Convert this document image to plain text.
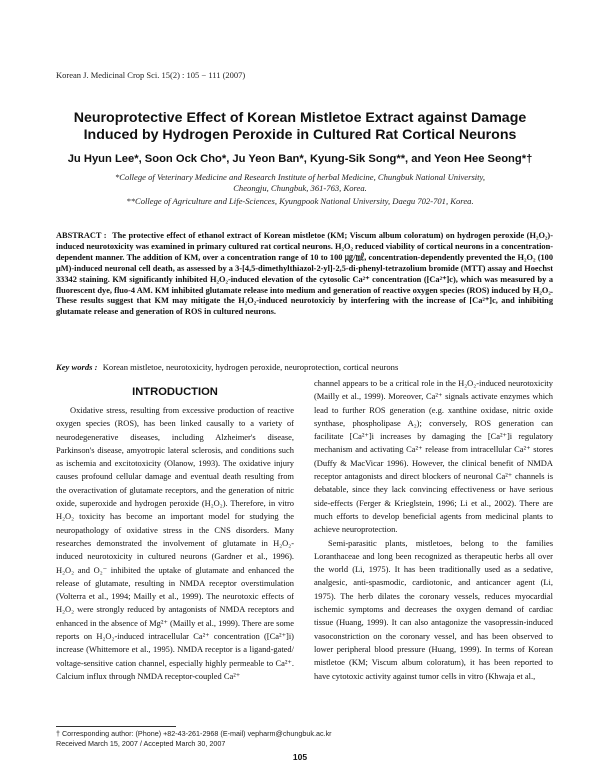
Korean J. Medicinal Crop Sci. 15(2) : 105 − 111 (2007)
Neuroprotective Effect of Korean Mistletoe Extract against Damage
Induced by Hydrogen Peroxide in Cultured Rat Cortical Neurons
Ju Hyun Lee*, Soon Ock Cho*, Ju Yeon Ban*, Kyung-Sik Song**, and Yeon Hee Seong*†
*College of Veterinary Medicine and Research Institute of herbal Medicine, Chungbuk National University,
Cheongju, Chungbuk, 361-763, Korea.
**College of Agriculture and Life-Sciences, Kyungpook National University, Daegu 702-701, Korea.
ABSTRACT : The protective effect of ethanol extract of Korean mistletoe (KM; Viscum album coloratum) on hydrogen peroxide (H₂O₂)-induced neurotoxicity was examined in primary cultured rat cortical neurons. H₂O₂ reduced viability of cortical neurons in a concentration-dependent manner. The addition of KM, over a concentration range of 10 to 100 ㎍/㎖, concentration-dependently prevented the H₂O₂ (100 μM)-induced neuronal cell death, as assessed by a 3-[4,5-dimethylthiazol-2-yl]-2,5-di-phenyl-tetrazolium bromide (MTT) assay and Hoechst 33342 staining. KM significantly inhibited H₂O₂-induced elevation of the cytosolic Ca²⁺ concentration ([Ca²⁺]c), which was measured by a fluorescent dye, fluo-4 AM. KM inhibited glutamate release into medium and generation of reactive oxygen species (ROS) induced by H₂O₂. These results suggest that KM may mitigate the H₂O₂-induced neurotoxiciy by interfering with the increase of [Ca²⁺]c, and inhibiting glutamate release and generation of ROS in cultured neurons.
Key words : Korean mistletoe, neurotoxicity, hydrogen peroxide, neuroprotection, cortical neurons
INTRODUCTION

Oxidative stress, resulting from excessive production of reactive oxygen species (ROS), has been linked causally to a variety of neurodegenerative diseases, including Alzheimer's disease, Parkinson's disease, amyotropic lateral sclerosis, and conditions such as ischemia and excitotoxicity (Olanow, 1993). The oxidative injury causes profound cellular damage and eventual death resulting from the overactivation of glutamate receptors, and the generation of nitric oxide, superoxide and hydrogen peroxide (H₂O₂). Therefore, in vitro H₂O₂ toxicity has become an important model for studying the neuropathology of oxidative stress in the CNS disorders. Many researches demonstrated the involvement of glutamate in H₂O₂-induced neurotoxicity in cultured neurons (Gardner et al., 1996). H₂O₂ and O₂⁻ inhibited the uptake of glutamate and enhanced the release of glutamate, resulting in NMDA receptor overstimulation (Volterra et al., 1994; Mailly et al., 1999). The neurotoxic effects of H₂O₂ were strongly reduced by antagonists of NMDA receptors and enhanced in the absence of Mg²⁺ (Mailly et al., 1999). There are some reports on H₂O₂-induced intracellular Ca²⁺ concentration ([Ca²⁺]i) increase (Whittemore et al., 1995). NMDA receptor is a ligand-gated/ voltage-sensitive cation channel, especially highly permeable to Ca²⁺. Calcium influx through NMDA receptor-coupled Ca²⁺

channel appears to be a critical role in the H₂O₂-induced neurotoxicity (Mailly et al., 1999). Moreover, Ca²⁺ signals activate enzymes which lead to further ROS generation (e.g. xanthine oxidase, nitric oxide synthase, phospholipase A₂); conversely, ROS generation can facilitate [Ca²⁺]i increases by damaging the [Ca²⁺]i regulatory mechanism and activating Ca²⁺ release from intracellular Ca²⁺ stores (Duffy & MacVicar 1996). However, the clinical benefit of NMDA receptor antagonists and direct blockers of neuronal Ca²⁺ channels is debatable, since they lack convincing effectiveness or have serious side-effects (Ferger & Krieglstein, 1996; Li et al., 2002). There are much efforts to develop beneficial agents from medicinal plants to achieve neuroprotection.

Semi-parasitic plants, mistletoes, belong to the families Loranthaceae and long been recognized as therapeutic herbs all over the world (Li, 1975). It has been traditionally used as a sedative, analgesic, anti-spasmodic, cardiotonic, and anticancer agent (Li, 1975). The herb dilates the coronary vessels, reduces myocardial ischemic symptoms and decreases the oxygen demand of cardiac tissue (Huang, 1999). It can also antagonize the vasopressin-induced vasoconstriction on the coronary vessel, and has been observed to lower peripheral blood pressure (Huang, 1999). In terms of Korean mistletoe (KM; Viscum album coloratum), it has been reported to have cytotoxic activity against tumor cells in vitro (Khwaja et al.,

† Corresponding author: (Phone) +82-43-261-2968 (E-mail) vepharm@chungbuk.ac.kr
Received March 15, 2007 / Accepted March 30, 2007
105
